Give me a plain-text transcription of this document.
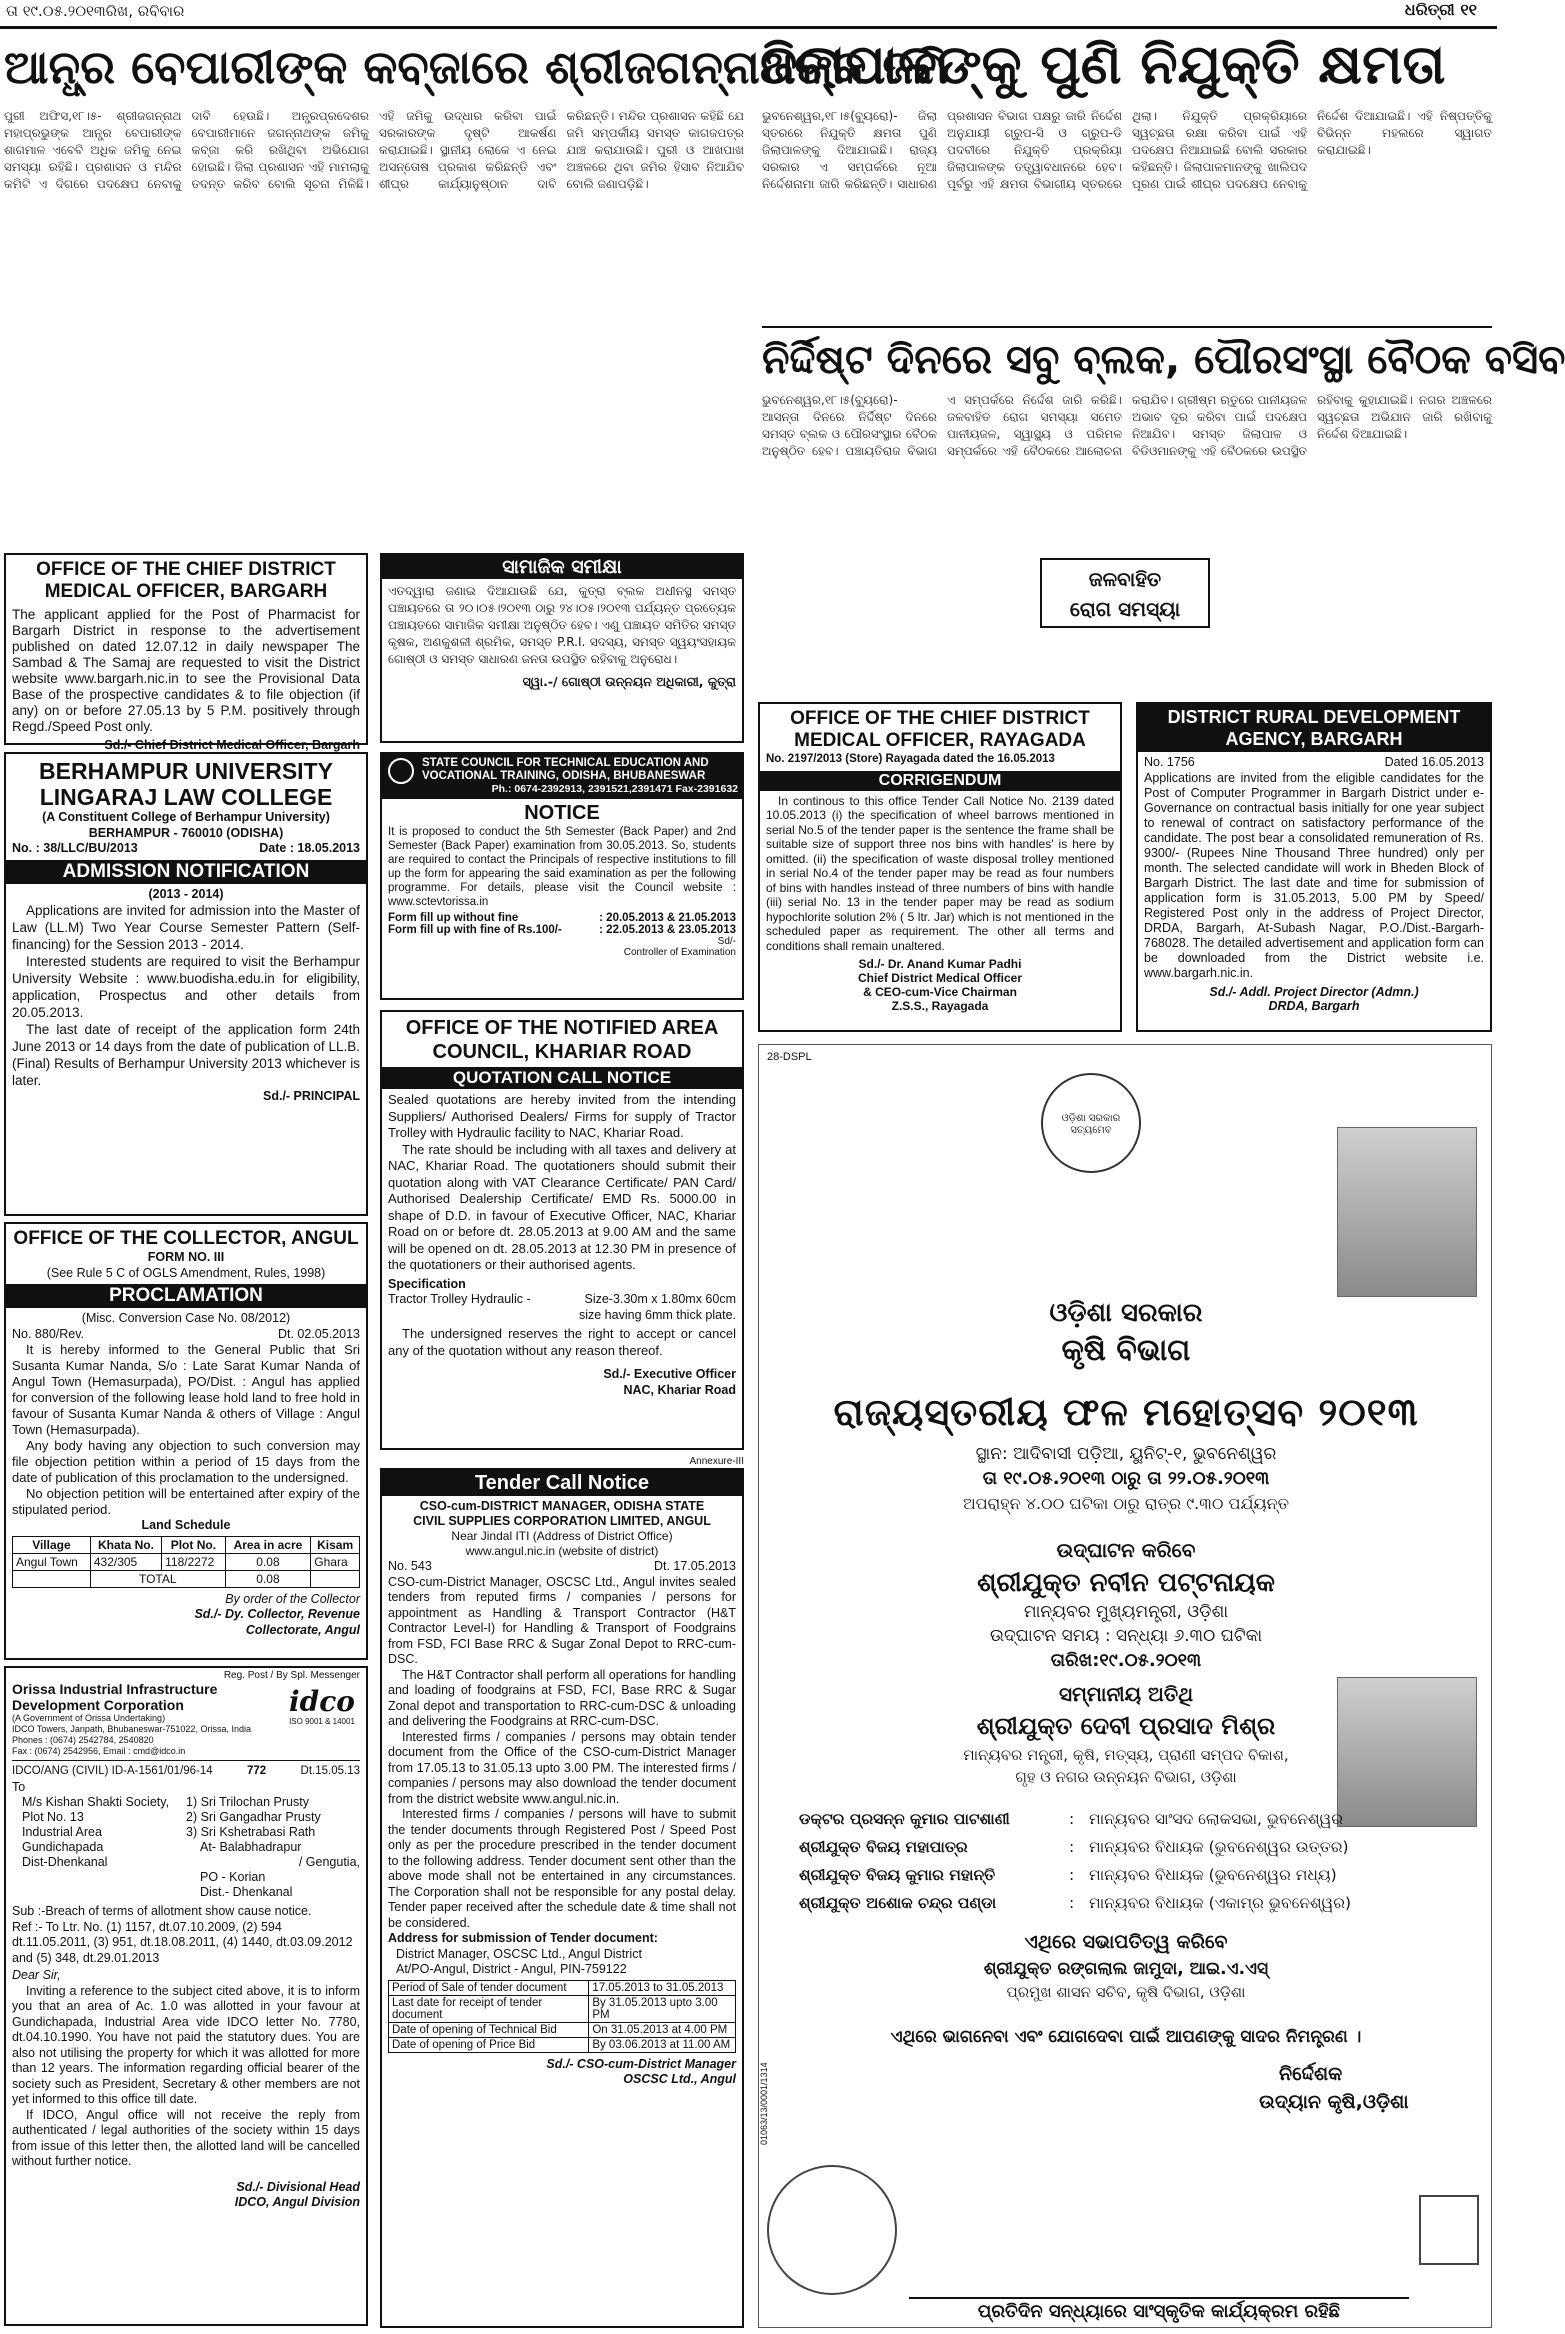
ତା ୧୯.୦୫.୨୦୧୩ରିଖ, ରବିବାର	ଧରିତ୍ରୀ ୧୧
ଆନ୍ଧ୍ର ବେପାରୀଙ୍କ କବ୍ଜାରେ ଶ୍ରୀଜଗନ୍ନାଥଙ୍କ ଜମି
ଜିଲାପାଳଙ୍କୁ ପୁଣି ନିଯୁକ୍ତି କ୍ଷମତା
ପୁରୀ ଅଫିସ,୧୮।୫- ଶ୍ରୀଜଗନ୍ନାଥ ମହାପ୍ରଭୁଙ୍କ ଆନ୍ଧ୍ର ବେପାରୀଙ୍କ ଶାଗମାଳ ଏବେବି ଅଧିକ ଜମିକୁ ନେଇ ସମସ୍ୟା ରହିଛି। ପ୍ରଶାସନ ଓ ମନ୍ଦିର କମିଟି ଏ ଦିଗରେ ପଦକ୍ଷେପ ନେବାକୁ ଦାବି ହେଉଛି। ଅନ୍ଧ୍ରପ୍ରଦେଶର ବେପାରୀମାନେ ଜଗନ୍ନାଥଙ୍କ ଜମିକୁ କବ୍ଜା କରି ରଖିଥିବା ଅଭିଯୋଗ ହୋଇଛି। ଜିଲା ପ୍ରଶାସନ ଏହି ମାମଲାକୁ ତଦନ୍ତ କରିବ ବୋଲି ସୂଚନା ମିଳିଛି। ଏହି ଜମିକୁ ଉଦ୍ଧାର କରିବା ପାଇଁ ସରକାରଙ୍କ ଦୃଷ୍ଟି ଆକର୍ଷଣ କରାଯାଇଛି। ସ୍ଥାନୀୟ ଲୋକେ ଏ ନେଇ ଅସନ୍ତୋଷ ପ୍ରକାଶ କରିଛନ୍ତି ଏବଂ ଶୀଘ୍ର କାର୍ଯ୍ୟାନୁଷ୍ଠାନ ଦାବି କରିଛନ୍ତି। ମନ୍ଦିର ପ୍ରଶାସନ କହିଛି ଯେ ଜମି ସମ୍ପର୍କୀୟ ସମସ୍ତ କାଗଜପତ୍ର ଯାଞ୍ଚ କରାଯାଉଛି। ପୁରୀ ଓ ଆଖପାଖ ଅଞ୍ଚଳରେ ଥିବା ଜମିର ହିସାବ ନିଆଯିବ ବୋଲି ଜଣାପଡ଼ିଛି।
ଭୁବନେଶ୍ୱର,୧୮।୫(ବ୍ୟୁରୋ)- ଜିଲା ସ୍ତରରେ ନିଯୁକ୍ତି କ୍ଷମତା ପୁଣି ଜିଲାପାଳଙ୍କୁ ଦିଆଯାଇଛି। ରାଜ୍ୟ ସରକାର ଏ ସମ୍ପର୍କରେ ନୂଆ ନିର୍ଦ୍ଦେଶନାମା ଜାରି କରିଛନ୍ତି। ସାଧାରଣ ପ୍ରଶାସନ ବିଭାଗ ପକ୍ଷରୁ ଜାରି ନିର୍ଦ୍ଦେଶ ଅନୁଯାୟୀ ଗ୍ରୁପ-ସି ଓ ଗ୍ରୁପ-ଡି ପଦବୀରେ ନିଯୁକ୍ତି ପ୍ରକ୍ରିୟା ଜିଲାପାଳଙ୍କ ତତ୍ତ୍ୱାବଧାନରେ ହେବ। ପୂର୍ବରୁ ଏହି କ୍ଷମତା ବିଭାଗୀୟ ସ୍ତରରେ ଥିଲା। ନିଯୁକ୍ତି ପ୍ରକ୍ରିୟାରେ ସ୍ୱଚ୍ଛତା ରକ୍ଷା କରିବା ପାଇଁ ଏହି ପଦକ୍ଷେପ ନିଆଯାଇଛି ବୋଲି ସରକାର କହିଛନ୍ତି। ଜିଲାପାଳମାନଙ୍କୁ ଖାଲିପଦ ପୂରଣ ପାଇଁ ଶୀଘ୍ର ପଦକ୍ଷେପ ନେବାକୁ ନିର୍ଦ୍ଦେଶ ଦିଆଯାଇଛି। ଏହି ନିଷ୍ପତ୍ତିକୁ ବିଭିନ୍ନ ମହଲରେ ସ୍ୱାଗତ କରାଯାଇଛି।
ନିର୍ଦ୍ଦିଷ୍ଟ ଦିନରେ ସବୁ ବ୍ଲକ, ପୌରସଂସ୍ଥା ବୈଠକ ବସିବ
ଭୁବନେଶ୍ୱର,୧୮।୫(ବ୍ୟୁରୋ)- ଆସନ୍ତା ଦିନରେ ନିର୍ଦ୍ଦିଷ୍ଟ ଦିନରେ ସମସ୍ତ ବ୍ଲକ ଓ ପୌରସଂସ୍ଥାର ବୈଠକ ଅନୁଷ୍ଠିତ ହେବ। ପଞ୍ଚାୟତିରାଜ ବିଭାଗ ଏ ସମ୍ପର୍କରେ ନିର୍ଦ୍ଦେଶ ଜାରି କରିଛି। ଜଳବାହିତ ରୋଗ ସମସ୍ୟା ସମେତ ପାନୀୟଜଳ, ସ୍ୱାସ୍ଥ୍ୟ ଓ ପରିମଳ ସମ୍ପର୍କରେ ଏହି ବୈଠକରେ ଆଲୋଚନା କରାଯିବ। ଗ୍ରୀଷ୍ମ ଋତୁରେ ପାନୀୟଜଳ ଅଭାବ ଦୂର କରିବା ପାଇଁ ପଦକ୍ଷେପ ନିଆଯିବ। ସମସ୍ତ ଜିଲାପାଳ ଓ ବିଡିଓମାନଙ୍କୁ ଏହି ବୈଠକରେ ଉପସ୍ଥିତ ରହିବାକୁ କୁହାଯାଇଛି। ନଗର ଅଞ୍ଚଳରେ ସ୍ୱଚ୍ଛତା ଅଭିଯାନ ଜାରି ରଖିବାକୁ ନିର୍ଦ୍ଦେଶ ଦିଆଯାଇଛି।
ଜଳବାହିତ
ରୋଗ ସମସ୍ୟା
OFFICE OF THE CHIEF DISTRICT MEDICAL OFFICER, BARGARH
The applicant applied for the Post of Pharmacist for Bargarh District in response to the advertisement published on dated 12.07.12 in daily newspaper The Sambad & The Samaj are requested to visit the District website www.bargarh.nic.in to see the Provisional Data Base of the prospective candidates & to file objection (if any) on or before 27.05.13 by 5 P.M. positively through Regd./Speed Post only.
Sd./- Chief District Medical Officer, Bargarh
ସାମାଜିକ ସମୀକ୍ଷା
ଏତଦ୍ୱାରା ଜଣାଇ ଦିଆଯାଉଛି ଯେ, କୁତ୍ରା ବ୍ଲକ ଅଧୀନସ୍ଥ ସମସ୍ତ ପଞ୍ଚାୟତରେ ତା ୨୦।୦୫।୨୦୧୩ ଠାରୁ ୨୪।୦୫।୨୦୧୩ ପର୍ଯ୍ୟନ୍ତ ପ୍ରତ୍ୟେକ ପଞ୍ଚାୟତରେ ସାମାଜିକ ସମୀକ୍ଷା ଅନୁଷ୍ଠିତ ହେବ। ଏଣୁ ପଞ୍ଚାୟତ ସମିତିର ସମସ୍ତ କୃଷକ, ଅଣକୁଶଳୀ ଶ୍ରମିକ, ସମସ୍ତ P.R.I. ସଦସ୍ୟ, ସମସ୍ତ ସ୍ୱୟଂସହାୟକ ଗୋଷ୍ଠୀ ଓ ସମସ୍ତ ସାଧାରଣ ଜନତା ଉପସ୍ଥିତ ରହିବାକୁ ଅନୁରୋଧ।
ସ୍ୱା.-/ ଗୋଷ୍ଠୀ ଉନ୍ନୟନ ଅଧିକାରୀ, କୁତ୍ରା
STATE COUNCIL FOR TECHNICAL EDUCATION AND
VOCATIONAL TRAINING, ODISHA, BHUBANESWAR
Ph.: 0674-2392913, 2391521,2391471 Fax-2391632
NOTICE
It is proposed to conduct the 5th Semester (Back Paper) and 2nd Semester (Back Paper) examination from 30.05.2013. So, students are required to contact the Principals of respective institutions to fill up the form for appearing the said examination as per the following programme. For details, please visit the Council website : www.sctevtorissa.in
Form fill up without fine	: 20.05.2013 & 21.05.2013
Form fill up with fine of Rs.100/-	: 22.05.2013 & 23.05.2013
Sd/-
Controller of Examination
BERHAMPUR UNIVERSITY
LINGARAJ LAW COLLEGE
(A Constituent College of Berhampur University)
BERHAMPUR - 760010 (ODISHA)
No. : 38/LLC/BU/2013	Date : 18.05.2013
ADMISSION NOTIFICATION
(2013 - 2014)
Applications are invited for admission into the Master of Law (LL.M) Two Year Course Semester Pattern (Self-financing) for the Session 2013 - 2014.
Interested students are required to visit the Berhampur University Website : www.buodisha.edu.in for eligibility, application, Prospectus and other details from 20.05.2013.
The last date of receipt of the application form 24th June 2013 or 14 days from the date of publication of LL.B. (Final) Results of Berhampur University 2013 whichever is later.
Sd./- PRINCIPAL
OFFICE OF THE NOTIFIED AREA COUNCIL, KHARIAR ROAD
QUOTATION CALL NOTICE
Sealed quotations are hereby invited from the intending Suppliers/ Authorised Dealers/ Firms for supply of Tractor Trolley with Hydraulic facility to NAC, Khariar Road.
The rate should be including with all taxes and delivery at NAC, Khariar Road. The quotationers should submit their quotation along with VAT Clearance Certificate/ PAN Card/ Authorised Dealership Certificate/ EMD Rs. 5000.00 in shape of D.D. in favour of Executive Officer, NAC, Khariar Road on or before dt. 28.05.2013 at 9.00 AM and the same will be opened on dt. 28.05.2013 at 12.30 PM in presence of the quotationers or their authorised agents.
Specification
Tractor Trolley Hydraulic -	Size-3.30m x 1.80mx 60cm
size having 6mm thick plate.
The undersigned reserves the right to accept or cancel any of the quotation without any reason thereof.
Sd./- Executive Officer
NAC, Khariar Road
OFFICE OF THE COLLECTOR, ANGUL
FORM NO. III
(See Rule 5 C of OGLS Amendment, Rules, 1998)
PROCLAMATION
(Misc. Conversion Case No. 08/2012)
No. 880/Rev.	Dt. 02.05.2013
It is hereby informed to the General Public that Sri Susanta Kumar Nanda, S/o : Late Sarat Kumar Nanda of Angul Town (Hemasurpada), PO/Dist. : Angul has applied for conversion of the following lease hold land to free hold in favour of Susanta Kumar Nanda & others of Village : Angul Town (Hemasurpada).
Any body having any objection to such conversion may file objection petition within a period of 15 days from the date of publication of this proclamation to the undersigned.
No objection petition will be entertained after expiry of the stipulated period.
Land Schedule
Village	Khata No.	Plot No.	Area in acre	Kisam
Angul Town	432/305	118/2272	0.08	Ghara
	TOTAL		0.08	
By order of the Collector
Sd./- Dy. Collector, Revenue
Collectorate, Angul
Reg. Post / By Spl. Messenger
Orissa Industrial Infrastructure
Development Corporation
(A Government of Orissa Undertaking)
IDCO Towers, Janpath, Bhubaneswar-751022, Orissa, India
Phones : (0674) 2542784, 2540820
Fax : (0674) 2542956, Email : cmd@idco.in
idco
ISO 9001 & 14001
IDCO/ANG (CIVIL) ID-A-1561/01/96-14	772	Dt.15.05.13
To
M/s Kishan Shakti Society,
Plot No. 13
Industrial Area
Gundichapada
Dist-Dhenkanal
1) Sri Trilochan Prusty
2) Sri Gangadhar Prusty
3) Sri Kshetrabasi Rath
At- Balabhadrapur
/ Gengutia,
PO - Korian
Dist.- Dhenkanal
Sub :-Breach of terms of allotment show cause notice.
Ref :- To Ltr. No. (1) 1157, dt.07.10.2009, (2) 594 dt.11.05.2011, (3) 951, dt.18.08.2011, (4) 1440, dt.03.09.2012 and (5) 348, dt.29.01.2013
Dear Sir,
Inviting a reference to the subject cited above, it is to inform you that an area of Ac. 1.0 was allotted in your favour at Gundichapada, Industrial Area vide IDCO letter No. 7780, dt.04.10.1990. You have not paid the statutory dues. You are also not utilising the property for which it was allotted for more than 12 years. The information regarding official bearer of the society such as President, Secretary & other members are not yet informed to this office till date.
If IDCO, Angul office will not receive the reply from authenticated / legal authorities of the society within 15 days from issue of this letter then, the allotted land will be cancelled without further notice.
Sd./- Divisional Head
IDCO, Angul Division
Annexure-III
Tender Call Notice
CSO-cum-DISTRICT MANAGER, ODISHA STATE
CIVIL SUPPLIES CORPORATION LIMITED, ANGUL
Near Jindal ITI (Address of District Office)
www.angul.nic.in (website of district)
No. 543	Dt. 17.05.2013
CSO-cum-District Manager, OSCSC Ltd., Angul invites sealed tenders from reputed firms / companies / persons for appointment as Handling & Transport Contractor (H&T Contractor Level-I) for Handling & Transport of Foodgrains from FSD, FCI Base RRC & Sugar Zonal Depot to RRC-cum-DSC.
The H&T Contractor shall perform all operations for handling and loading of foodgrains at FSD, FCI, Base RRC & Sugar Zonal depot and transportation to RRC-cum-DSC & unloading and delivering the Foodgrains at RRC-cum-DSC.
Interested firms / companies / persons may obtain tender document from the Office of the CSO-cum-District Manager from 17.05.13 to 31.05.13 upto 3.00 PM. The interested firms / companies / persons may also download the tender document from the district website www.angul.nic.in.
Interested firms / companies / persons will have to submit the tender documents through Registered Post / Speed Post only as per the procedure prescribed in the tender document to the following address. Tender document sent other than the above mode shall not be entertained in any circumstances. The Corporation shall not be responsible for any postal delay. Tender paper received after the schedule date & time shall not be considered.
Address for submission of Tender document:
District Manager, OSCSC Ltd., Angul District
At/PO-Angul, District - Angul, PIN-759122
Period of Sale of tender document	17.05.2013 to 31.05.2013
Last date for receipt of tender document	By 31.05.2013 upto 3.00 PM
Date of opening of Technical Bid	On 31.05.2013 at 4.00 PM
Date of opening of Price Bid	By 03.06.2013 at 11.00 AM
Sd./- CSO-cum-District Manager
OSCSC Ltd., Angul
OFFICE OF THE CHIEF DISTRICT MEDICAL OFFICER, RAYAGADA
No. 2197/2013 (Store) Rayagada dated the 16.05.2013
CORRIGENDUM
In continous to this office Tender Call Notice No. 2139 dated 10.05.2013 (i) the specification of wheel barrows mentioned in serial No.5 of the tender paper is the sentence the frame shall be suitable size of support three nos bins with handles' is here by omitted. (ii) the specification of waste disposal trolley mentioned in serial No.4 of the tender paper may be read as four numbers of bins with handles instead of three numbers of bins with handle (iii) serial No. 13 in the tender paper may be read as sodium hypochlorite solution 2% ( 5 ltr. Jar) which is not mentioned in the scheduled paper as requirement. The other all terms and conditions shall remain unaltered.
Sd./- Dr. Anand Kumar Padhi
Chief District Medical Officer
& CEO-cum-Vice Chairman
Z.S.S., Rayagada
DISTRICT RURAL DEVELOPMENT AGENCY, BARGARH
No. 1756	Dated 16.05.2013
Applications are invited from the eligible candidates for the Post of Computer Programmer in Bargarh District under e-Governance on contractual basis initially for one year subject to renewal of contract on satisfactory performance of the candidate. The post bear a consolidated remuneration of Rs. 9300/- (Rupees Nine Thousand Three hundred) only per month. The selected candidate will work in Bheden Block of Bargarh District. The last date and time for submission of application form is 31.05.2013, 5.00 PM by Speed/ Registered Post only in the address of Project Director, DRDA, Bargarh, At-Subash Nagar, P.O./Dist.-Bargarh-768028. The detailed advertisement and application form can be downloaded from the District website i.e. www.bargarh.nic.in.
Sd./- Addl. Project Director (Admn.)
DRDA, Bargarh
28-DSPL
ଓଡ଼ିଶା ସରକାର
ସତ୍ୟମେବ
ଓଡ଼ିଶା ସରକାର
କୃଷି ବିଭାଗ
ରାଜ୍ୟସ୍ତରୀୟ ଫଳ ମହୋତ୍ସବ ୨୦୧୩
ସ୍ଥାନ: ଆଦିବାସୀ ପଡ଼ିଆ, ୟୁନିଟ୍-୧, ଭୁବନେଶ୍ୱର
ତା ୧୯.୦୫.୨୦୧୩ ଠାରୁ ତା ୨୨.୦୫.୨୦୧୩
ଅପରାହ୍ନ ୪.୦୦ ଘଟିକା ଠାରୁ ରାତ୍ର ୯.୩୦ ପର୍ଯ୍ୟନ୍ତ
ଉଦ୍‌ଘାଟନ କରିବେ
ଶ୍ରୀଯୁକ୍ତ ନବୀନ ପଟ୍ଟନାୟକ
ମାନ୍ୟବର ମୁଖ୍ୟମନ୍ତ୍ରୀ, ଓଡ଼ିଶା
ଉଦ୍‌ଘାଟନ ସମୟ : ସନ୍ଧ୍ୟା ୬.୩୦ ଘଟିକା
ତାରିଖ:୧୯.୦୫.୨୦୧୩
ସମ୍ମାନୀୟ ଅତିଥି
ଶ୍ରୀଯୁକ୍ତ ଦେବୀ ପ୍ରସାଦ ମିଶ୍ର
ମାନ୍ୟବର ମନ୍ତ୍ରୀ, କୃଷି, ମତ୍ସ୍ୟ, ପ୍ରାଣୀ ସମ୍ପଦ ବିକାଶ,
ଗୃହ ଓ ନଗର ଉନ୍ନୟନ ବିଭାଗ, ଓଡ଼ିଶା
ଡକ୍ଟର ପ୍ରସନ୍ନ କୁମାର ପାଟଶାଣୀ	: ମାନ୍ୟବର ସାଂସଦ ଲୋକସଭା, ଭୁବନେଶ୍ୱର
ଶ୍ରୀଯୁକ୍ତ ବିଜୟ ମହାପାତ୍ର	: ମାନ୍ୟବର ବିଧାୟକ (ଭୁବନେଶ୍ୱର ଉତ୍ତର)
ଶ୍ରୀଯୁକ୍ତ ବିଜୟ କୁମାର ମହାନ୍ତି	: ମାନ୍ୟବର ବିଧାୟକ (ଭୁବନେଶ୍ୱର ମଧ୍ୟ)
ଶ୍ରୀଯୁକ୍ତ ଅଶୋକ ଚନ୍ଦ୍ର ପଣ୍ଡା	: ମାନ୍ୟବର ବିଧାୟକ (ଏକାମ୍ର ଭୁବନେଶ୍ୱର)
ଏଥିରେ ସଭାପତିତ୍ୱ କରିବେ
ଶ୍ରୀଯୁକ୍ତ ରଙ୍ଗଲାଲ ଜାମୁଦା, ଆଇ.ଏ.ଏସ୍
ପ୍ରମୁଖ ଶାସନ ସଚିବ, କୃଷି ବିଭାଗ, ଓଡ଼ିଶା
ଏଥିରେ ଭାଗନେବା ଏବଂ ଯୋଗଦେବା ପାଇଁ ଆପଣଙ୍କୁ ସାଦର ନିମନ୍ତ୍ରଣ ।
ନିର୍ଦ୍ଦେଶକ
ଉଦ୍ୟାନ କୃଷି,ଓଡ଼ିଶା
01063/13/0001/1314
ପ୍ରତିଦିନ ସନ୍ଧ୍ୟାରେ ସାଂସ୍କୃତିକ କାର୍ଯ୍ୟକ୍ରମ ରହିଛି
